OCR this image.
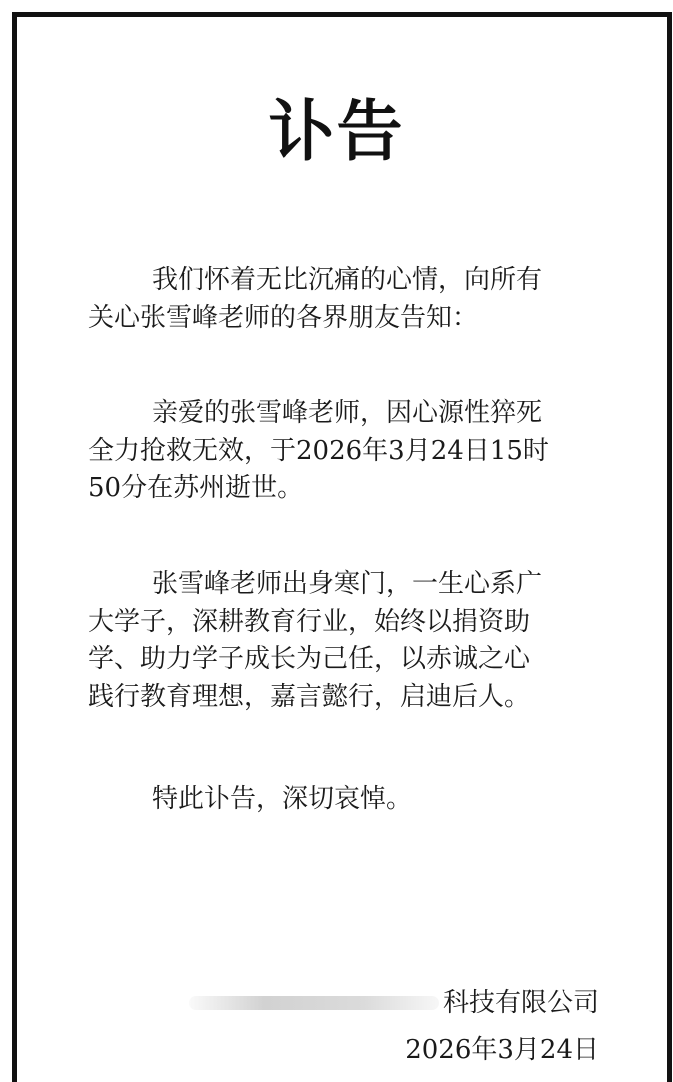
讣告
我们怀着无比沉痛的心情，向所有
关心张雪峰老师的各界朋友告知：
亲爱的张雪峰老师，因心源性猝死
全力抢救无效，于2026年3月24日15时
50分在苏州逝世。
张雪峰老师出身寒门，一生心系广
大学子，深耕教育行业，始终以捐资助
学、助力学子成长为己任，以赤诚之心
践行教育理想，嘉言懿行，启迪后人。
特此讣告，深切哀悼。
科技有限公司
2026年3月24日
